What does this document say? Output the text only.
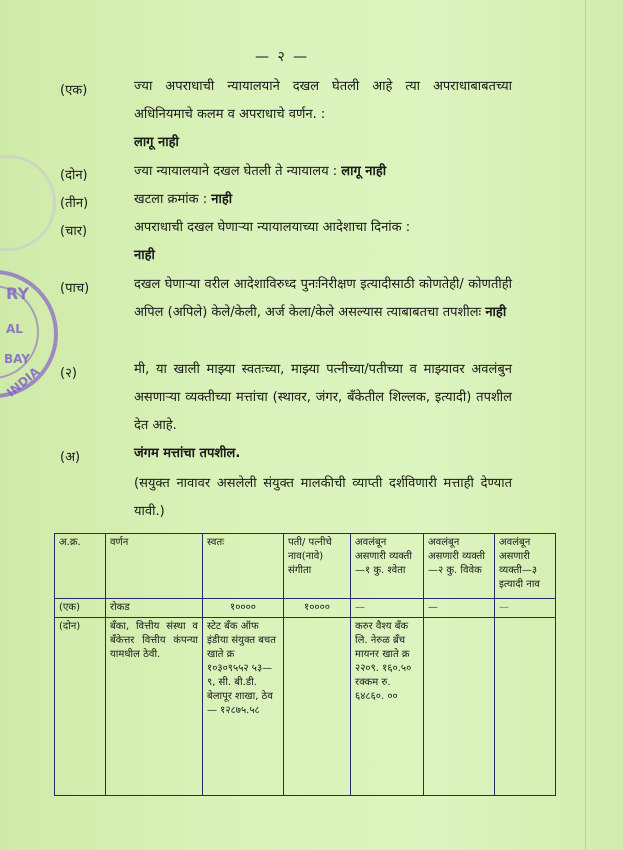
RY
AL
BAY
INDIA
— २ —
(एक)	ज्या अपराधाची न्यायालयाने दखल घेतली आहे त्या अपराधाबाबतच्या अधिनियमाचे कलम व अपराधाचे वर्णन. :
लागू नाही
(दोन)	ज्या न्यायालयाने दखल घेतली ते न्यायालय : लागू नाही
(तीन)	खटला क्रमांक : नाही
(चार)	अपराधाची दखल घेणाऱ्या न्यायालयाच्या आदेशाचा दिनांक :
नाही
(पाच)	दखल घेणाऱ्या वरील आदेशाविरुध्द पुनःनिरीक्षण इत्यादीसाठी कोणतेही/ कोणतीही अपिल (अपिले) केले/केली, अर्ज केला/केले असल्यास त्याबाबतचा तपशीलः नाही
(२)	मी, या खाली माझ्या स्वतःच्या, माझ्या पत्नीच्या/पतीच्या व माझ्यावर अवलंबुन असणाऱ्या व्यक्तीच्या मत्तांचा (स्थावर, जंगर, बँकेतील शिल्लक, इत्यादी) तपशील देत आहे.
(अ)	जंगम मत्तांचा तपशील.
(सयुक्त नावावर असलेली संयुक्त मालकीची व्याप्ती दर्शविणारी मत्ताही देण्यात यावी.)
अ.क्र.	वर्णन	स्वतः	पती/ पत्नीचे नाव(नावे) संगीता	अवलंबून असणारी व्यक्ती—१ कु. श्वेता	अवलंबून असणारी व्यक्ती—२ कु. विवेक	अवलंबून असणारी व्यक्ती—३ इत्यादी नाव
(एक)	रोकड	१००००	१००००	—	—	—
(दोन)	बँका, वित्तीय संस्था व बँकेत्तर वित्तीय कंपन्या यामधील ठेवी.	स्टेट बँक ऑफ इंडीया संयुक्त बचत खाते क्र १०३०९५५२ ५३—९, सी. बी.डी. बेलापूर शाखा, ठेव — १२८७५.५८		करुर वैश्य बँक लि. नेरुळ ब्रँच मायनर खाते क्र २२०९. १६०.५० रक्कम रु. ६४८६०. ००		
